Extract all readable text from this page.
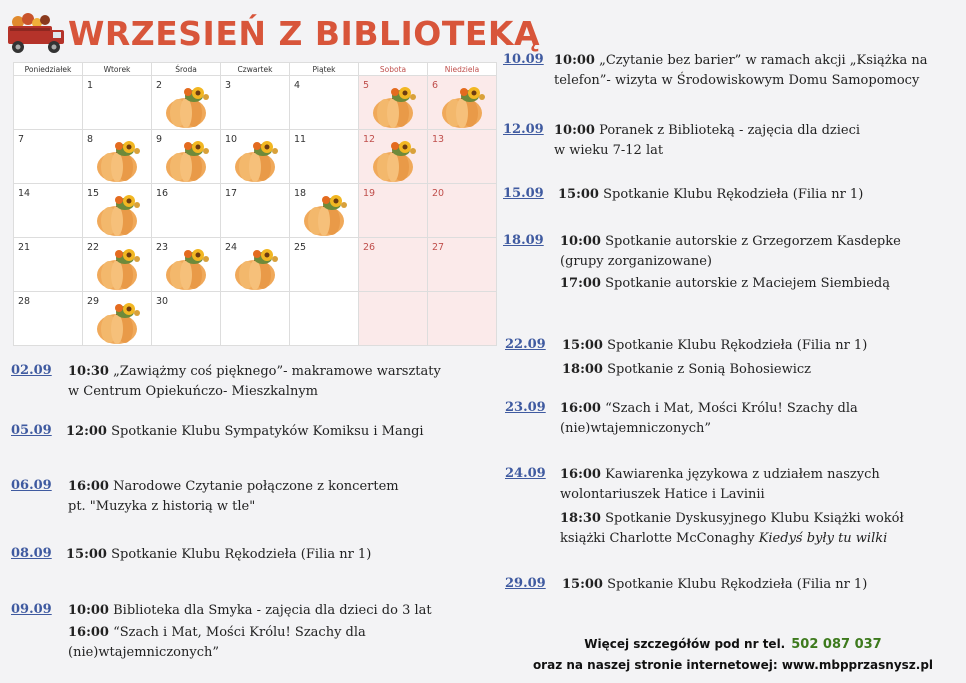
WRZESIEŃ Z BIBLIOTEKĄ
Poniedziałek	Wtorek	Środa	Czwartek	Piątek	Sobota	Niedziela

	1	2	3	4	5	6

7	8	9	10	11	12	13

14	15	16	17	18	19	20

21	22	23	24	25	26	27

28	29	30				

02.09 10:30 „Zawiążmy coś pięknego”- makramowe warsztaty
w Centrum Opiekuńczo- Mieszkalnym
05.09 12:00 Spotkanie Klubu Sympatyków Komiksu i Mangi
06.09 16:00 Narodowe Czytanie połączone z koncertem
pt. "Muzyka z historią w tle"
08.09 15:00 Spotkanie Klubu Rękodzieła (Filia nr 1)
09.09 10:00 Biblioteka dla Smyka - zajęcia dla dzieci do 3 lat
16:00 “Szach i Mat, Mości Królu! Szachy dla
(nie)wtajemniczonych”
10.09 10:00 „Czytanie bez barier” w ramach akcji „Książka na
telefon”- wizyta w Środowiskowym Domu Samopomocy
12.09 10:00 Poranek z Biblioteką - zajęcia dla dzieci
w wieku 7-12 lat
15.09 15:00 Spotkanie Klubu Rękodzieła (Filia nr 1)
18.09 10:00 Spotkanie autorskie z Grzegorzem Kasdepke
(grupy zorganizowane)
17:00 Spotkanie autorskie z Maciejem Siembiedą
22.09 15:00 Spotkanie Klubu Rękodzieła (Filia nr 1)
18:00 Spotkanie z Sonią Bohosiewicz
23.09 16:00 “Szach i Mat, Mości Królu! Szachy dla
(nie)wtajemniczonych”
24.09 16:00 Kawiarenka językowa z udziałem naszych
wolontariuszek Hatice i Lavinii
18:30 Spotkanie Dyskusyjnego Klubu Książki wokół
książki Charlotte McConaghy Kiedyś były tu wilki
29.09 15:00 Spotkanie Klubu Rękodzieła (Filia nr 1)
Więcej szczegółów pod nr tel. 502 087 037
oraz na naszej stronie internetowej: www.mbpprzasnysz.pl
